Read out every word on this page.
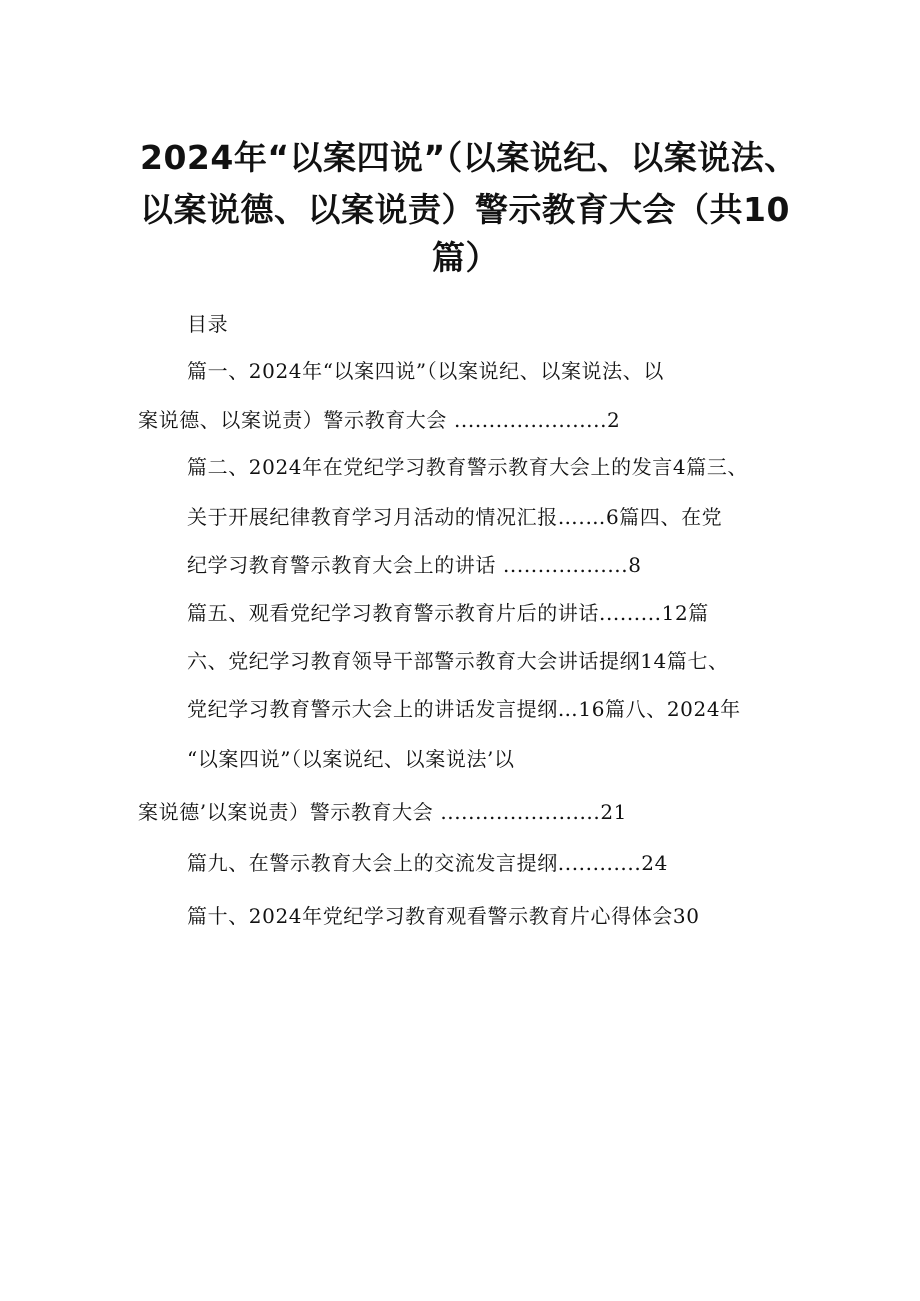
2024年“以案四说”（以案说纪、以案说法、
以案说德、以案说责）警示教育大会（共10
篇）
目录
篇一、2024年“以案四说”（以案说纪、以案说法、以
案说德、以案说责）警示教育大会 ......................2
篇二、2024年在党纪学习教育警示教育大会上的发言4篇三、
关于开展纪律教育学习月活动的情况汇报….…6篇四、在党
纪学习教育警示教育大会上的讲话 ..................8
篇五、观看党纪学习教育警示教育片后的讲话.........12篇
六、党纪学习教育领导干部警示教育大会讲话提纲14篇七、
党纪学习教育警示大会上的讲话发言提纲…16篇八、2024年
“以案四说”（以案说纪、以案说法’以
案说德’以案说责）警示教育大会 .......................21
篇九、在警示教育大会上的交流发言提纲............24
篇十、2024年党纪学习教育观看警示教育片心得体会30
